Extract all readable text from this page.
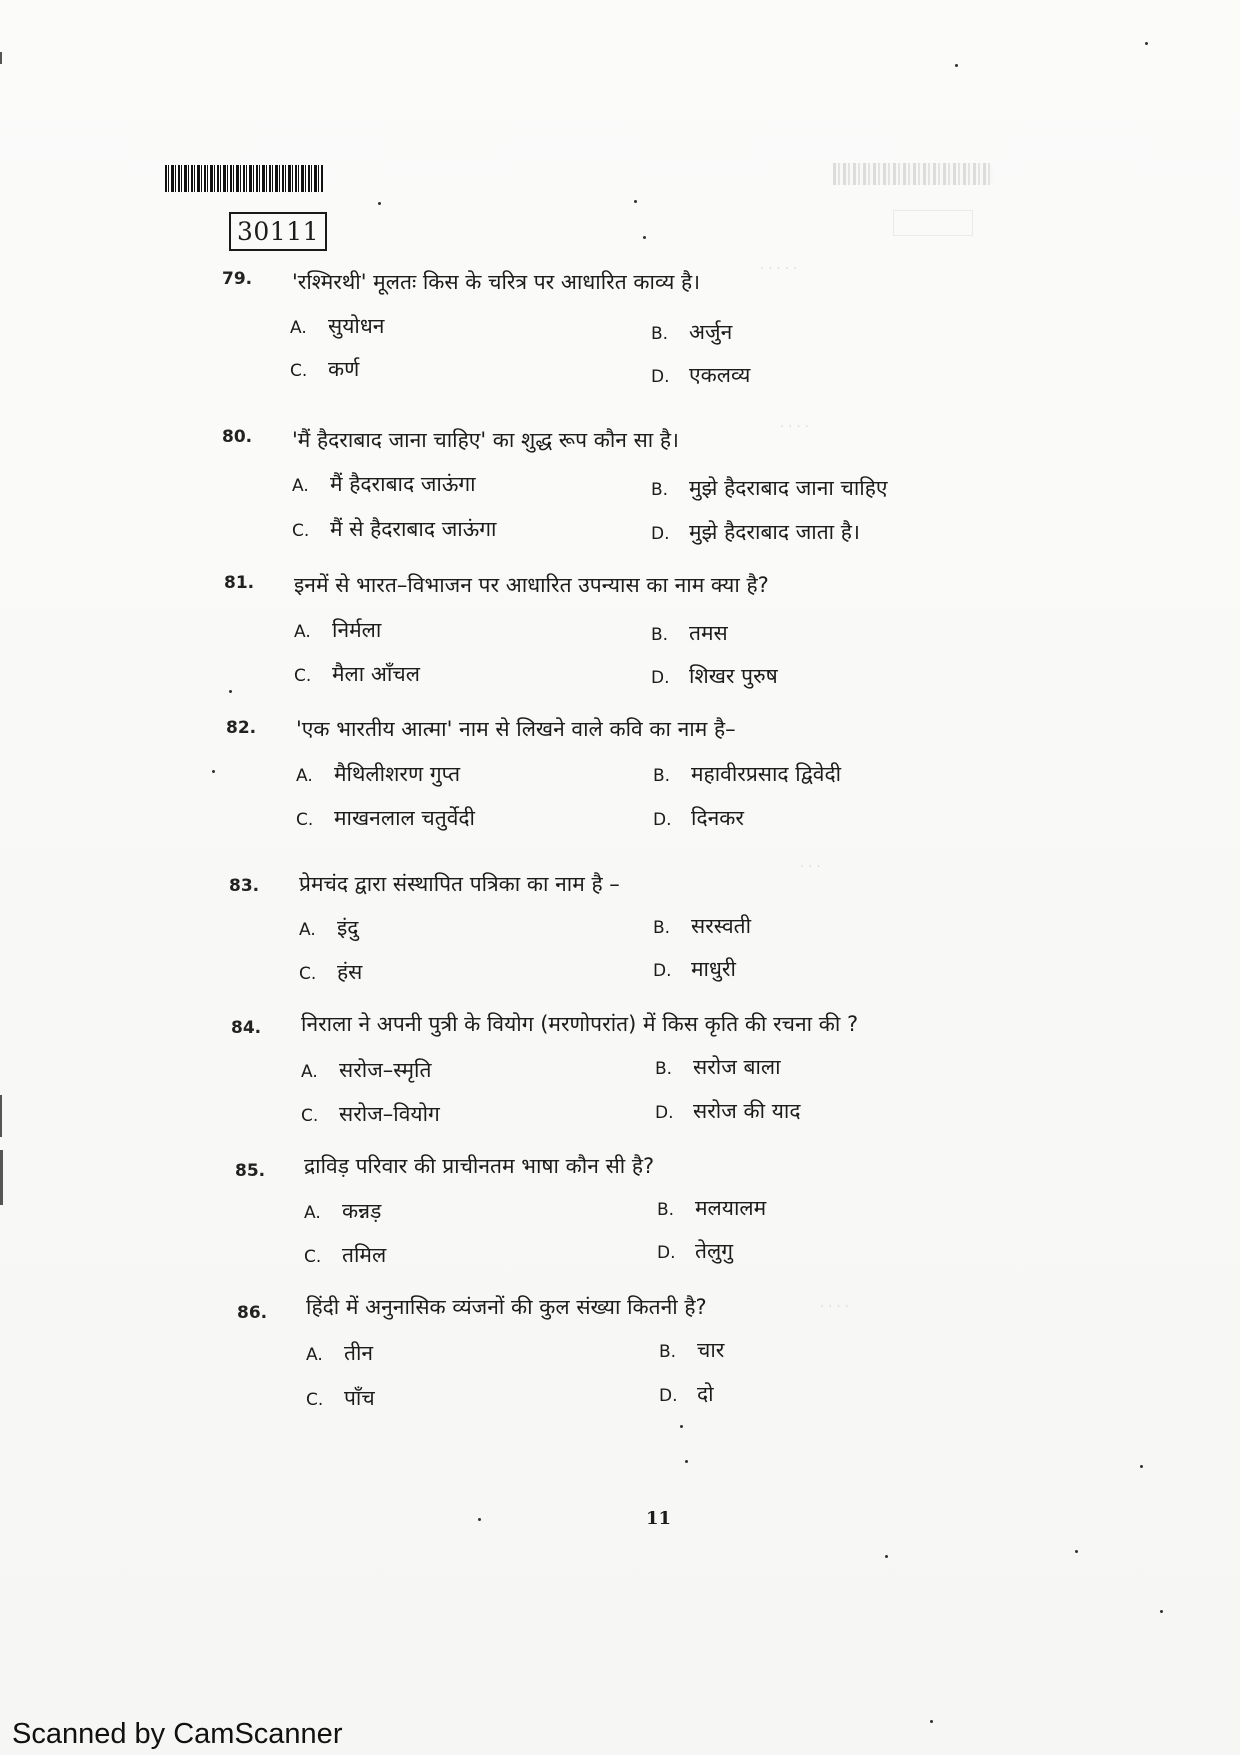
30111
· · · · ·
· · · ·
· · ·
· · · ·
79. 'रश्मिरथी' मूलतः किस के चरित्र पर आधारित काव्य है।
A. सुयोधन	B. अर्जुन
C. कर्ण	D. एकलव्य
80. 'मैं हैदराबाद जाना चाहिए' का शुद्ध रूप कौन सा है।
A. मैं हैदराबाद जाऊंगा	B. मुझे हैदराबाद जाना चाहिए
C. मैं से हैदराबाद जाऊंगा	D. मुझे हैदराबाद जाता है।
81. इनमें से भारत–विभाजन पर आधारित उपन्यास का नाम क्या है?
A. निर्मला	B. तमस
C. मैला आँचल	D. शिखर पुरुष
82. 'एक भारतीय आत्मा' नाम से लिखने वाले कवि का नाम है–
A. मैथिलीशरण गुप्त	B. महावीरप्रसाद द्विवेदी
C. माखनलाल चतुर्वेदी	D. दिनकर
83. प्रेमचंद द्वारा संस्थापित पत्रिका का नाम है –
A. इंदु	B. सरस्वती
C. हंस	D. माधुरी
84. निराला ने अपनी पुत्री के वियोग (मरणोपरांत) में किस कृति की रचना की ?
A. सरोज–स्मृति	B. सरोज बाला
C. सरोज–वियोग	D. सरोज की याद
85. द्राविड़ परिवार की प्राचीनतम भाषा कौन सी है?
A. कन्नड़	B. मलयालम
C. तमिल	D. तेलुगु
86. हिंदी में अनुनासिक व्यंजनों की कुल संख्या कितनी है?
A. तीन	B. चार
C. पाँच	D. दो
11
Scanned by CamScanner
